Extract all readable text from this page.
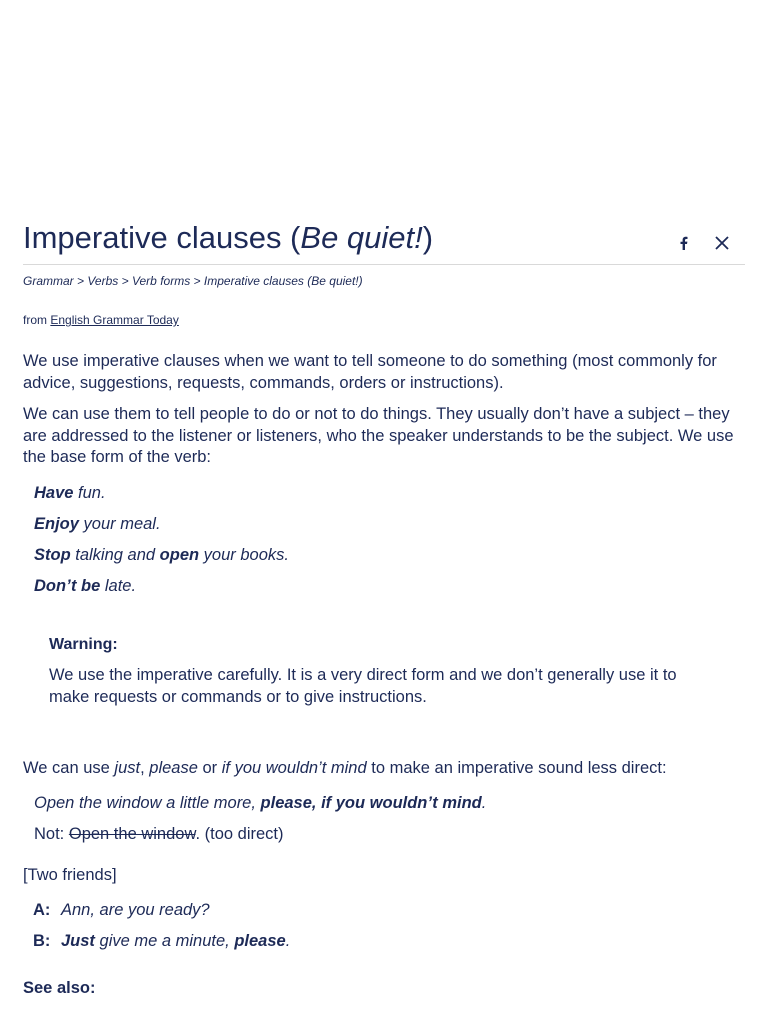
Imperative clauses (Be quiet!)
Grammar > Verbs > Verb forms > Imperative clauses (Be quiet!)
from English Grammar Today

We use imperative clauses when we want to tell someone to do something (most commonly for advice, suggestions, requests, commands, orders or instructions).

We can use them to tell people to do or not to do things. They usually don’t have a subject – they are addressed to the listener or listeners, who the speaker understands to be the subject. We use the base form of the verb:

Have fun.
Enjoy your meal.
Stop talking and open your books.
Don’t be late.
Warning:

We use the imperative carefully. It is a very direct form and we don’t generally use it to make requests or commands or to give instructions.

We can use just, please or if you wouldn’t mind to make an imperative sound less direct:

Open the window a little more, please, if you wouldn’t mind.
Not: Open the window. (too direct)

[Two friends]

A: Ann, are you ready?
B: Just give me a minute, please.
See also:
